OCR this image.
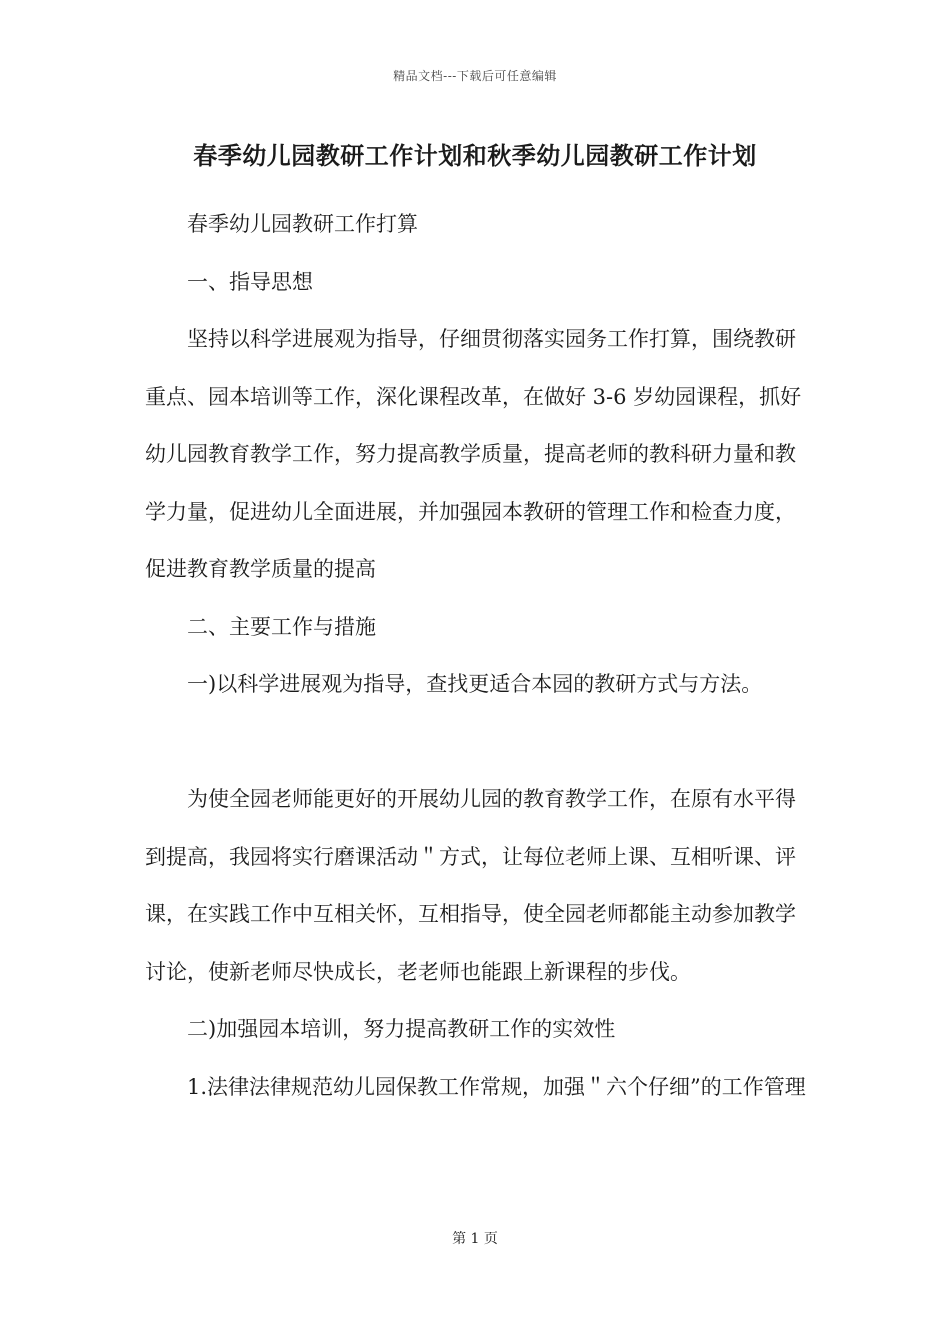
精品文档---下载后可任意编辑
春季幼儿园教研工作计划和秋季幼儿园教研工作计划

春季幼儿园教研工作打算

一、指导思想

坚持以科学进展观为指导，仔细贯彻落实园务工作打算，围绕教研重点、园本培训等工作，深化课程改革，在做好 3-6 岁幼园课程，抓好幼儿园教育教学工作，努力提高教学质量，提高老师的教科研力量和教学力量，促进幼儿全面进展，并加强园本教研的管理工作和检查力度，促进教育教学质量的提高

二、主要工作与措施

一)以科学进展观为指导，查找更适合本园的教研方式与方法。

为使全园老师能更好的开展幼儿园的教育教学工作，在原有水平得到提高，我园将实行磨课活动＂方式，让每位老师上课、互相听课、评课，在实践工作中互相关怀，互相指导，使全园老师都能主动参加教学讨论，使新老师尽快成长，老老师也能跟上新课程的步伐。

二)加强园本培训，努力提高教研工作的实效性

1.法律法律规范幼儿园保教工作常规，加强＂六个仔细”的工作管理

第 1 页
